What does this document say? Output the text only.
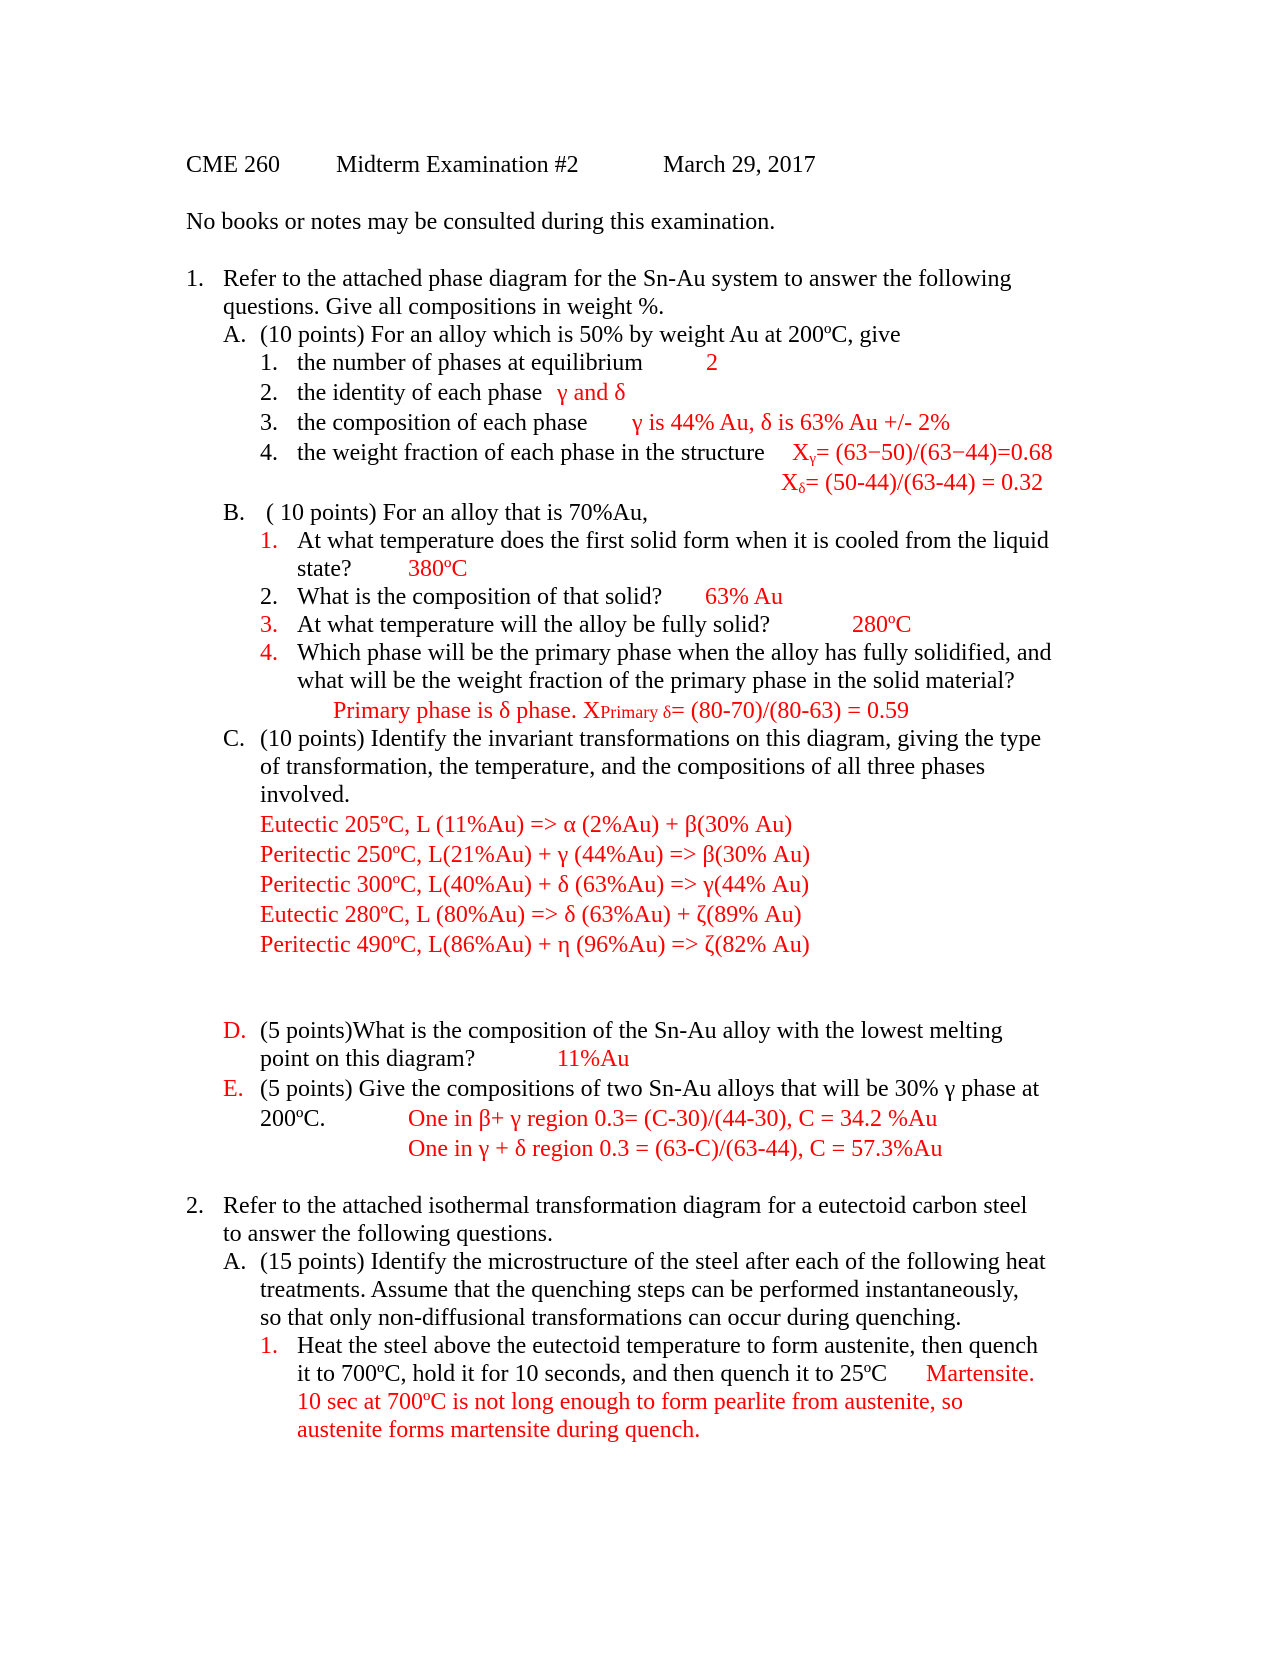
CME 260 Midterm Examination #2	March 29, 2017
No books or notes may be consulted during this examination.
1. Refer to the attached phase diagram for the Sn-Au system to answer the following
questions. Give all compositions in weight %.
A. (10 points) For an alloy which is 50% by weight Au at 200ºC, give
1. the number of phases at equilibrium	2
2. the identity of each phase γ and δ
3. the composition of each phase γ is 44% Au, δ is 63% Au +/- 2%
4. the weight fraction of each phase in the structure $X_\gamma= (63-50)/(63-44)=0.68$
$X_\delta= (50-44)/(63-44) = 0.32$
B. ( 10 points) For an alloy that is 70%Au,
1. At what temperature does the first solid form when it is cooled from the liquid
state? 380ºC
2. What is the composition of that solid? 63% Au
3. At what temperature will the alloy be fully solid?	280ºC
4. Which phase will be the primary phase when the alloy has fully solidified, and
what will be the weight fraction of the primary phase in the solid material?
Primary phase is δ phase. XPrimary δ= (80-70)/(80-63) = 0.59
C. (10 points) Identify the invariant transformations on this diagram, giving the type
of transformation, the temperature, and the compositions of all three phases
involved.
Eutectic 205ºC, L (11%Au) => α (2%Au) + β(30% Au)
Peritectic 250ºC, L(21%Au) + γ (44%Au) => β(30% Au)
Peritectic 300ºC, L(40%Au) + δ (63%Au) => γ(44% Au)
Eutectic 280ºC, L (80%Au) => δ (63%Au) + ζ(89% Au)
Peritectic 490ºC, L(86%Au) + η (96%Au) => ζ(82% Au)
D. (5 points)What is the composition of the Sn-Au alloy with the lowest melting
point on this diagram?	11%Au
E. (5 points) Give the compositions of two Sn-Au alloys that will be 30% γ phase at
200ºC.	One in β+ γ region 0.3= (C-30)/(44-30), C = 34.2 %Au
One in γ + δ region 0.3 = (63-C)/(63-44), C = 57.3%Au
2. Refer to the attached isothermal transformation diagram for a eutectoid carbon steel
to answer the following questions.
A. (15 points) Identify the microstructure of the steel after each of the following heat
treatments. Assume that the quenching steps can be performed instantaneously,
so that only non-diffusional transformations can occur during quenching.
1. Heat the steel above the eutectoid temperature to form austenite, then quench
it to 700ºC, hold it for 10 seconds, and then quench it to 25ºC Martensite.
10 sec at 700ºC is not long enough to form pearlite from austenite, so
austenite forms martensite during quench.
